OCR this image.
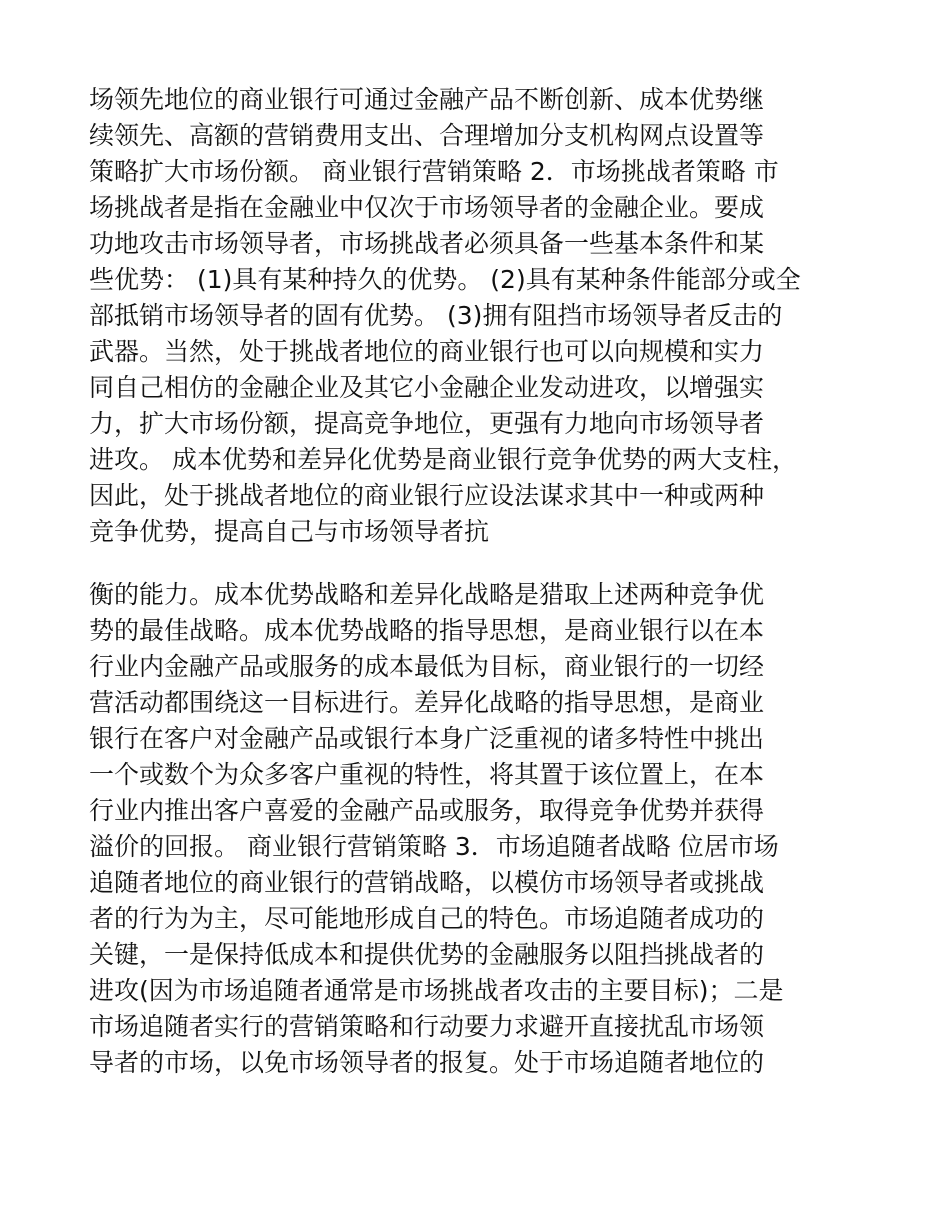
场领先地位的商业银行可通过金融产品不断创新、成本优势继
续领先、高额的营销费用支出、合理增加分支机构网点设置等
策略扩大市场份额。 商业银行营销策略 2．市场挑战者策略 市
场挑战者是指在金融业中仅次于市场领导者的金融企业。要成
功地攻击市场领导者，市场挑战者必须具备一些基本条件和某
些优势： (1)具有某种持久的优势。 (2)具有某种条件能部分或全
部抵销市场领导者的固有优势。 (3)拥有阻挡市场领导者反击的
武器。当然，处于挑战者地位的商业银行也可以向规模和实力
同自己相仿的金融企业及其它小金融企业发动进攻，以增强实
力，扩大市场份额，提高竞争地位，更强有力地向市场领导者
进攻。 成本优势和差异化优势是商业银行竞争优势的两大支柱，
因此，处于挑战者地位的商业银行应设法谋求其中一种或两种
竞争优势，提高自己与市场领导者抗
衡的能力。成本优势战略和差异化战略是猎取上述两种竞争优
势的最佳战略。成本优势战略的指导思想，是商业银行以在本
行业内金融产品或服务的成本最低为目标，商业银行的一切经
营活动都围绕这一目标进行。差异化战略的指导思想，是商业
银行在客户对金融产品或银行本身广泛重视的诸多特性中挑出
一个或数个为众多客户重视的特性，将其置于该位置上，在本
行业内推出客户喜爱的金融产品或服务，取得竞争优势并获得
溢价的回报。 商业银行营销策略 3．市场追随者战略 位居市场
追随者地位的商业银行的营销战略，以模仿市场领导者或挑战
者的行为为主，尽可能地形成自己的特色。市场追随者成功的
关键，一是保持低成本和提供优势的金融服务以阻挡挑战者的
进攻(因为市场追随者通常是市场挑战者攻击的主要目标)；二是
市场追随者实行的营销策略和行动要力求避开直接扰乱市场领
导者的市场，以免市场领导者的报复。处于市场追随者地位的
